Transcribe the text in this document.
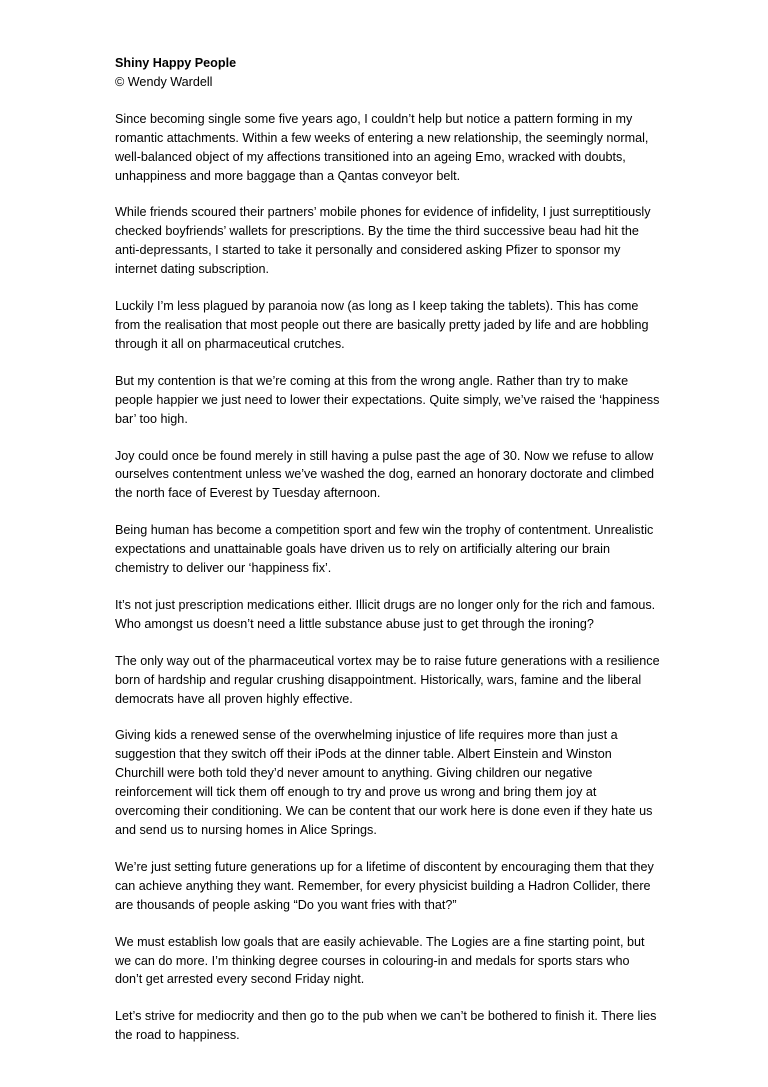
Shiny Happy People

© Wendy Wardell

Since becoming single some five years ago, I couldn’t help but notice a pattern forming in my romantic attachments. Within a few weeks of entering a new relationship, the seemingly normal, well-balanced object of my affections transitioned into an ageing Emo, wracked with doubts, unhappiness and more baggage than a Qantas conveyor belt.

While friends scoured their partners’ mobile phones for evidence of infidelity, I just surreptitiously checked boyfriends’ wallets for prescriptions. By the time the third successive beau had hit the anti-depressants, I started to take it personally and considered asking Pfizer to sponsor my internet dating subscription.

Luckily I’m less plagued by paranoia now (as long as I keep taking the tablets). This has come from the realisation that most people out there are basically pretty jaded by life and are hobbling through it all on pharmaceutical crutches.

But my contention is that we’re coming at this from the wrong angle. Rather than try to make people happier we just need to lower their expectations. Quite simply, we’ve raised the ‘happiness bar’ too high.

Joy could once be found merely in still having a pulse past the age of 30. Now we refuse to allow ourselves contentment unless we’ve washed the dog, earned an honorary doctorate and climbed the north face of Everest by Tuesday afternoon.

Being human has become a competition sport and few win the trophy of contentment. Unrealistic expectations and unattainable goals have driven us to rely on artificially altering our brain chemistry to deliver our ‘happiness fix’.

It’s not just prescription medications either. Illicit drugs are no longer only for the rich and famous. Who amongst us doesn’t need a little substance abuse just to get through the ironing?

The only way out of the pharmaceutical vortex may be to raise future generations with a resilience born of hardship and regular crushing disappointment. Historically, wars, famine and the liberal democrats have all proven highly effective.

Giving kids a renewed sense of the overwhelming injustice of life requires more than just a suggestion that they switch off their iPods at the dinner table. Albert Einstein and Winston Churchill were both told they’d never amount to anything. Giving children our negative reinforcement will tick them off enough to try and prove us wrong and bring them joy at overcoming their conditioning. We can be content that our work here is done even if they hate us and send us to nursing homes in Alice Springs.

We’re just setting future generations up for a lifetime of discontent by encouraging them that they can achieve anything they want. Remember, for every physicist building a Hadron Collider, there are thousands of people asking “Do you want fries with that?”

We must establish low goals that are easily achievable. The Logies are a fine starting point, but we can do more. I’m thinking degree courses in colouring-in and medals for sports stars who don’t get arrested every second Friday night.

Let’s strive for mediocrity and then go to the pub when we can’t be bothered to finish it. There lies the road to happiness.
